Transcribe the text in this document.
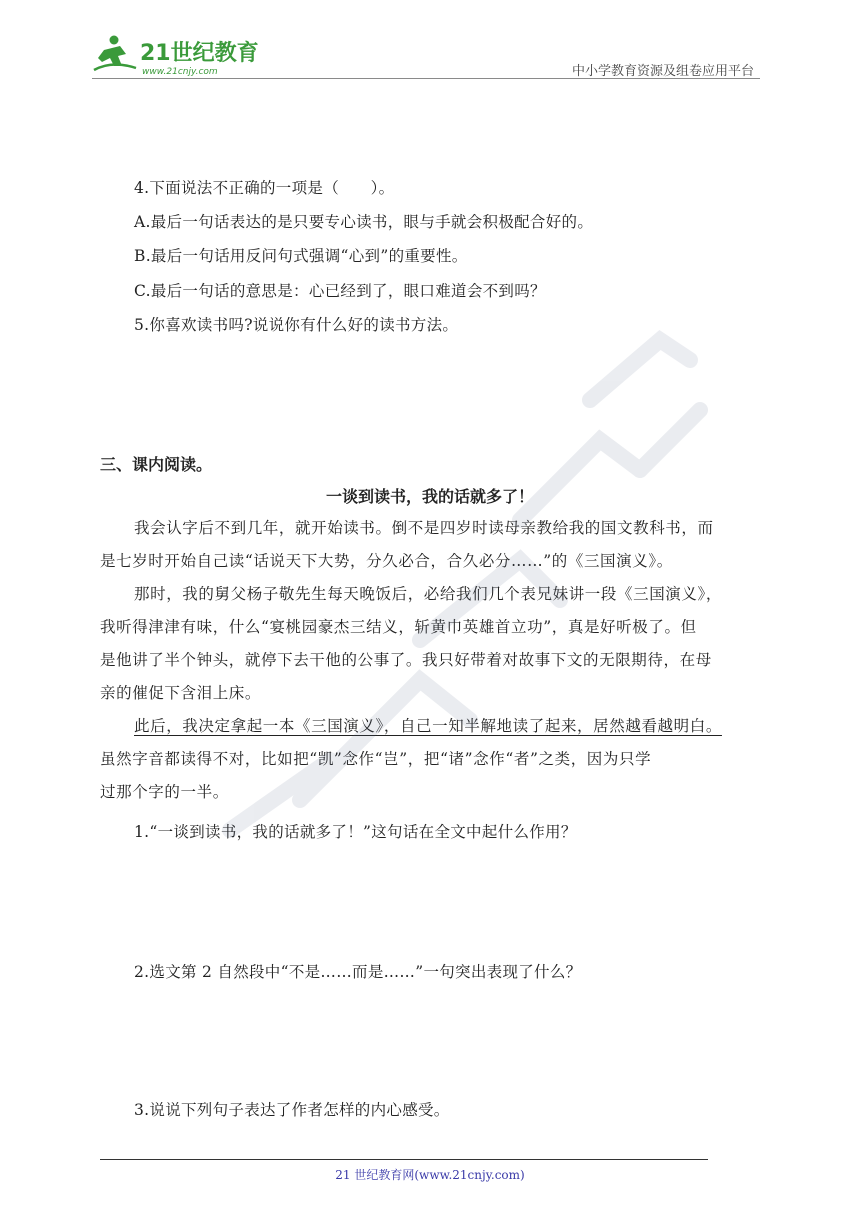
21世纪教育
www.21cnjy.com	中小学教育资源及组卷应用平台
4.下面说法不正确的一项是（　　）。
A.最后一句话表达的是只要专心读书，眼与手就会积极配合好的。
B.最后一句话用反问句式强调“心到”的重要性。
C.最后一句话的意思是：心已经到了，眼口难道会不到吗？
5.你喜欢读书吗?说说你有什么好的读书方法。
三、课内阅读。
一谈到读书，我的话就多了！
我会认字后不到几年，就开始读书。倒不是四岁时读母亲教给我的国文教科书，而
是七岁时开始自己读“话说天下大势，分久必合，合久必分……”的《三国演义》。
那时，我的舅父杨子敬先生每天晚饭后，必给我们几个表兄妹讲一段《三国演义》，
我听得津津有味，什么“宴桃园豪杰三结义，斩黄巾英雄首立功”，真是好听极了。但
是他讲了半个钟头，就停下去干他的公事了。我只好带着对故事下文的无限期待，在母
亲的催促下含泪上床。
此后，我决定拿起一本《三国演义》，自己一知半解地读了起来，居然越看越明白。
虽然字音都读得不对，比如把“凯”念作“岂”，把“诸”念作“者”之类，因为只学
过那个字的一半。
1.“一谈到读书，我的话就多了！”这句话在全文中起什么作用？
2.选文第 2 自然段中“不是……而是……”一句突出表现了什么？
3.说说下列句子表达了作者怎样的内心感受。
21 世纪教育网(www.21cnjy.com)
